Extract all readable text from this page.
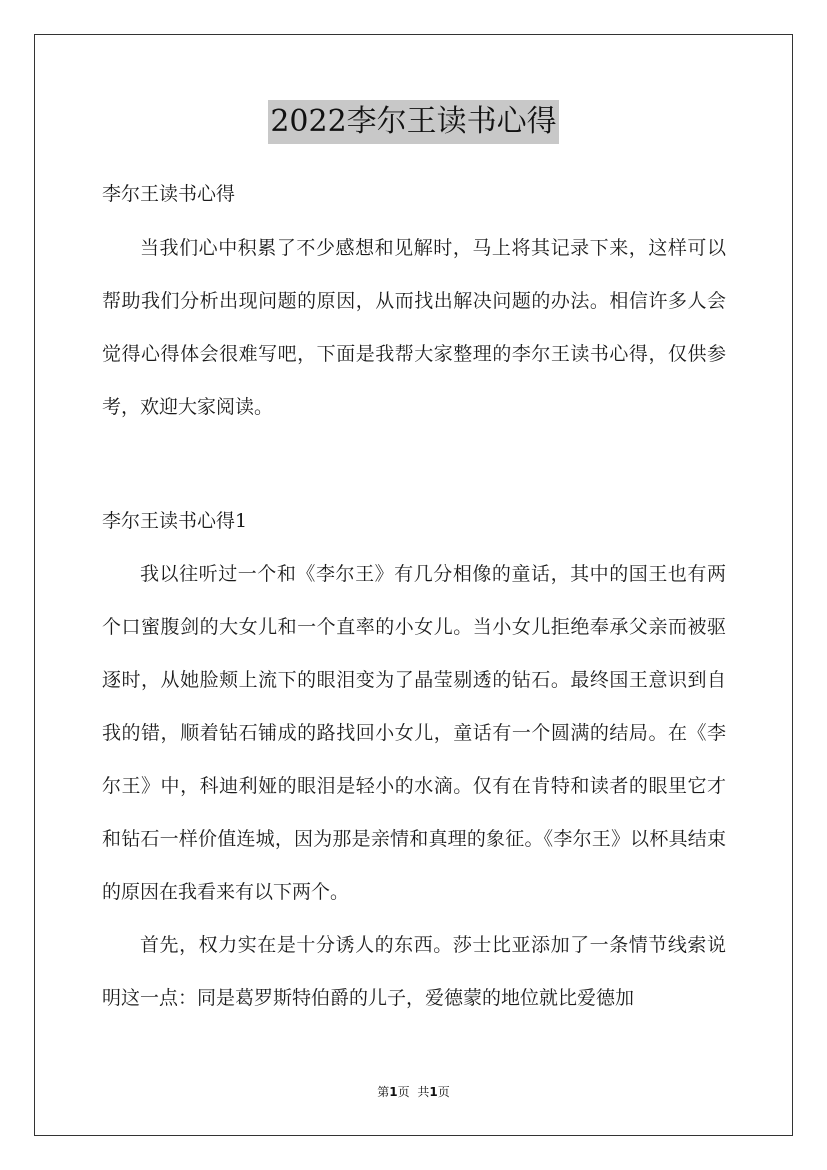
2022李尔王读书心得
李尔王读书心得

当我们心中积累了不少感想和见解时，马上将其记录下来，这样可以帮助我们分析出现问题的原因，从而找出解决问题的办法。相信许多人会觉得心得体会很难写吧，下面是我帮大家整理的李尔王读书心得，仅供参考，欢迎大家阅读。

李尔王读书心得1

我以往听过一个和《李尔王》有几分相像的童话，其中的国王也有两个口蜜腹剑的大女儿和一个直率的小女儿。当小女儿拒绝奉承父亲而被驱逐时，从她脸颊上流下的眼泪变为了晶莹剔透的钻石。最终国王意识到自我的错，顺着钻石铺成的路找回小女儿，童话有一个圆满的结局。在《李尔王》中，科迪利娅的眼泪是轻小的水滴。仅有在肯特和读者的眼里它才和钻石一样价值连城，因为那是亲情和真理的象征。《李尔王》以杯具结束的原因在我看来有以下两个。

首先，权力实在是十分诱人的东西。莎士比亚添加了一条情节线索说明这一点：同是葛罗斯特伯爵的儿子，爱德蒙的地位就比爱德加

第1页 共1页
